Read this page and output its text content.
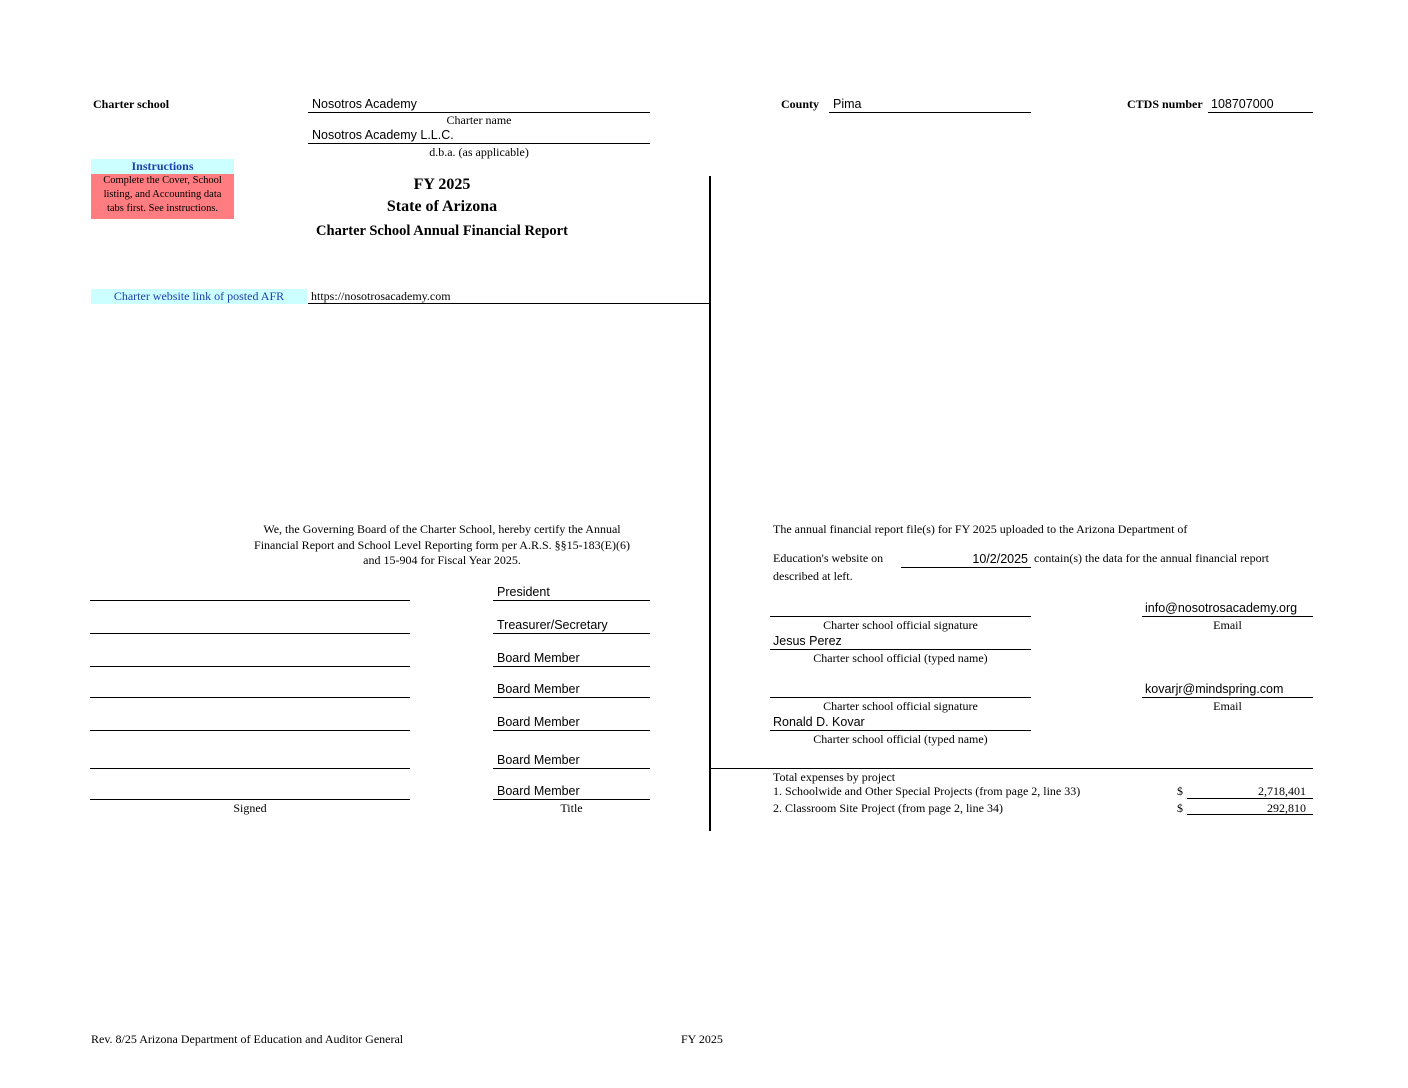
Charter school	Nosotros Academy
Charter name
Nosotros Academy L.L.C.
d.b.a. (as applicable)
County Pima	CTDS number 108707000
Instructions
Complete the Cover, School
listing, and Accounting data
tabs first. See instructions.
FY 2025
State of Arizona
Charter School Annual Financial Report
Charter website link of posted AFR	https://nosotrosacademy.com
We, the Governing Board of the Charter School, hereby certify the Annual
Financial Report and School Level Reporting form per A.R.S. §§15-183(E)(6)
and 15-904 for Fiscal Year 2025.
President
Treasurer/Secretary
Board Member
Board Member
Board Member
Board Member
Board Member
Signed	Title
The annual financial report file(s) for FY 2025 uploaded to the Arizona Department of
Education's website on	10/2/2025 contain(s) the data for the annual financial report
described at left.
Charter school official signature
info@nosotrosacademy.org
Email
Jesus Perez
Charter school official (typed name)
Charter school official signature
kovarjr@mindspring.com
Email
Ronald D. Kovar
Charter school official (typed name)
Total expenses by project
1. Schoolwide and Other Special Projects (from page 2, line 33)	$	2,718,401
2. Classroom Site Project (from page 2, line 34)	$	292,810
Rev. 8/25 Arizona Department of Education and Auditor General	FY 2025
